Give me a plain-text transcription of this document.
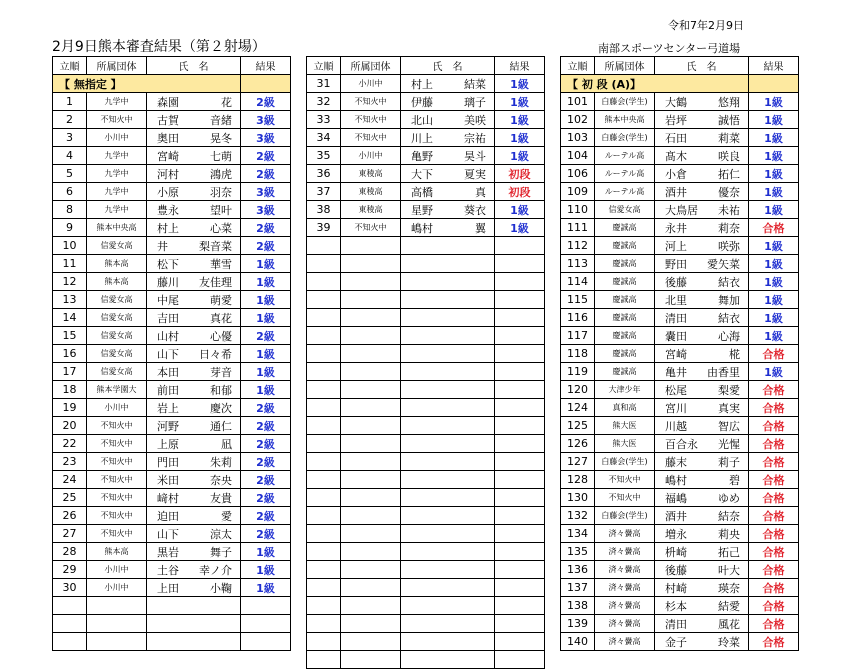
令和7年2月9日
2月9日熊本審査結果（第２射場）	南部スポーツセンター弓道場
立順	所属団体	氏　名	結果
【 無指定 】			
1	九学中	森園 花	2級
2	不知火中	古賀 音緒	3級
3	小川中	奥田 晃冬	3級
4	九学中	宮崎 七萌	2級
5	九学中	河村 鴻虎	2級
6	九学中	小原 羽奈	3級
8	九学中	豊永 望叶	3級
9	熊本中央高	村上 心菜	2級
10	信愛女高	井 梨音菜	2級
11	熊本高	松下 華雪	1級
12	熊本高	藤川 友佳理	1級
13	信愛女高	中尾 萌愛	1級
14	信愛女高	吉田 真花	1級
15	信愛女高	山村 心優	2級
16	信愛女高	山下 日々希	1級
17	信愛女高	本田 芽音	1級
18	熊本学園大	前田 和郁	1級
19	小川中	岩上 慶次	2級
20	不知火中	河野 通仁	2級
22	不知火中	上原 凪	2級
23	不知火中	門田 朱莉	2級
24	不知火中	米田 奈央	2級
25	不知火中	﨑村 友貴	2級
26	不知火中	迫田 愛	2級
27	不知火中	山下 涼太	2級
28	熊本高	黒岩 舞子	1級
29	小川中	土谷 幸ノ介	1級
30	小川中	上田 小鞠	1級

立順	所属団体	氏　名	結果
31	小川中	村上 結菜	1級
32	不知火中	伊藤 璃子	1級
33	不知火中	北山 美咲	1級
34	不知火中	川上 宗祐	1級
35	小川中	亀野 昊斗	1級
36	東稜高	大下 夏実	初段
37	東稜高	高橋 真	初段
38	東稜高	星野 葵衣	1級
39	不知火中	嶋村 翼	1級

立順	所属団体	氏　名	結果
【 初 段 (A)】			
101	白藤会(学生)	大鶴 悠翔	1級
102	熊本中央高	岩坪 誠悟	1級
103	白藤会(学生)	石田 莉菜	1級
104	ルーテル高	髙木 咲良	1級
106	ルーテル高	小倉 拓仁	1級
109	ルーテル高	酒井 優奈	1級
110	信愛女高	大鳥居 未祐	1級
111	慶誠高	永井 莉奈	合格
112	慶誠高	河上 咲弥	1級
113	慶誠高	野田 愛矢菜	1級
114	慶誠高	後藤 結衣	1級
115	慶誠高	北里 舞加	1級
116	慶誠高	清田 結衣	1級
117	慶誠高	嚢田 心海	1級
118	慶誠高	宮崎 椛	合格
119	慶誠高	亀井 由香里	1級
120	大津少年	松尾 梨愛	合格
124	真和高	宮川 真実	合格
125	熊大医	川越 智広	合格
126	熊大医	百合永 光惺	合格
127	白藤会(学生)	藤末 莉子	合格
128	不知火中	嶋村 碧	合格
130	不知火中	福嶋 ゆめ	合格
132	白藤会(学生)	酒井 結奈	合格
134	済々黌高	増永 莉央	合格
135	済々黌高	枡崎 拓己	合格
136	済々黌高	後藤 叶大	合格
137	済々黌高	村崎 瑛奈	合格
138	済々黌高	杉本 結愛	合格
139	済々黌高	清田 風花	合格
140	済々黌高	金子 玲菜	合格
